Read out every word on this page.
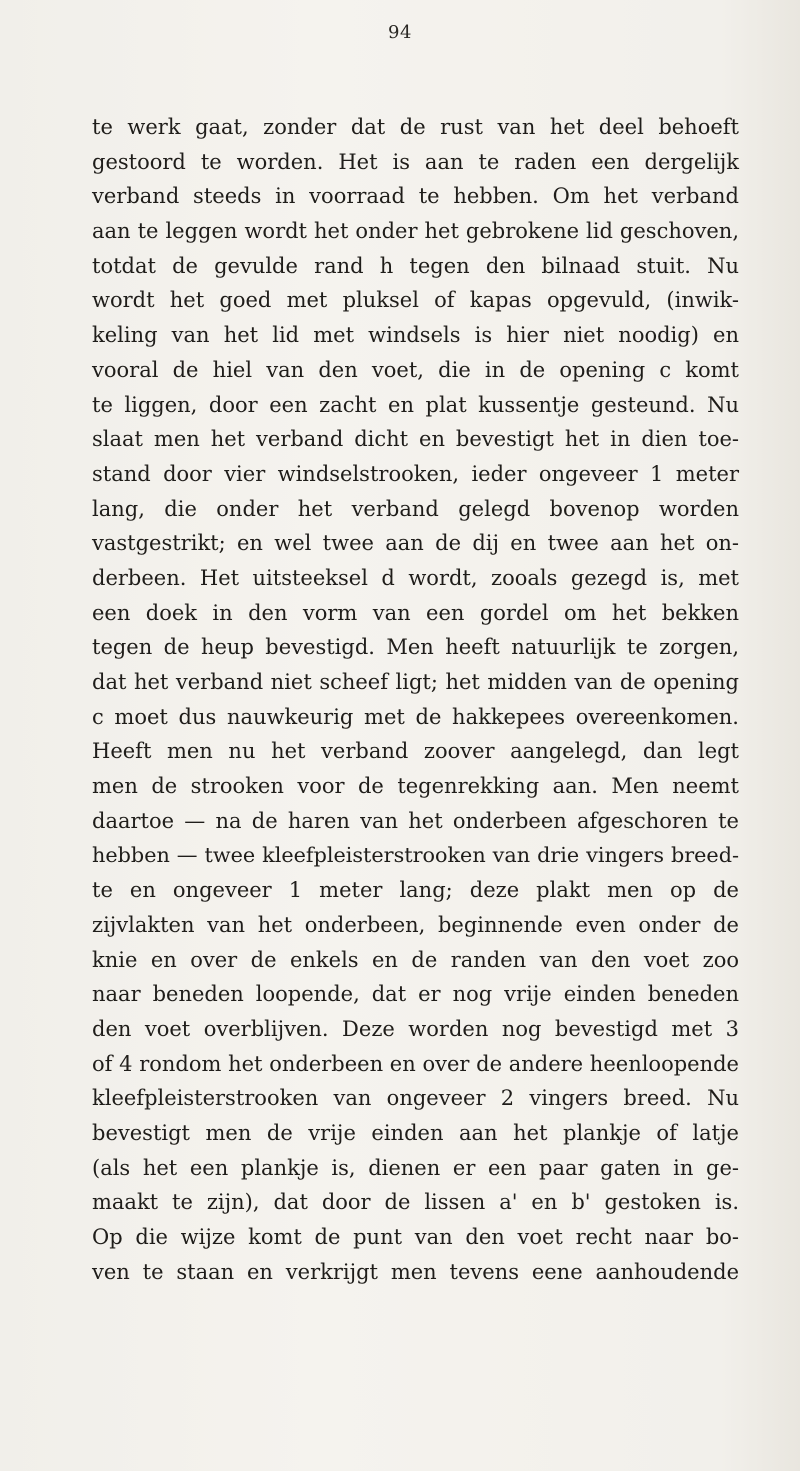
94
te werk gaat, zonder dat de rust van het deel behoeft
gestoord te worden. Het is aan te raden een dergelijk
verband steeds in voorraad te hebben. Om het verband
aan te leggen wordt het onder het gebrokene lid geschoven,
totdat de gevulde rand h tegen den bilnaad stuit. Nu
wordt het goed met pluksel of kapas opgevuld, (inwik-
keling van het lid met windsels is hier niet noodig) en
vooral de hiel van den voet, die in de opening c komt
te liggen, door een zacht en plat kussentje gesteund. Nu
slaat men het verband dicht en bevestigt het in dien toe-
stand door vier windselstrooken, ieder ongeveer 1 meter
lang, die onder het verband gelegd bovenop worden
vastgestrikt; en wel twee aan de dij en twee aan het on-
derbeen. Het uitsteeksel d wordt, zooals gezegd is, met
een doek in den vorm van een gordel om het bekken
tegen de heup bevestigd. Men heeft natuurlijk te zorgen,
dat het verband niet scheef ligt; het midden van de opening
c moet dus nauwkeurig met de hakkepees overeenkomen.
Heeft men nu het verband zoover aangelegd, dan legt
men de strooken voor de tegenrekking aan. Men neemt
daartoe — na de haren van het onderbeen afgeschoren te
hebben — twee kleefpleisterstrooken van drie vingers breed-
te en ongeveer 1 meter lang; deze plakt men op de
zijvlakten van het onderbeen, beginnende even onder de
knie en over de enkels en de randen van den voet zoo
naar beneden loopende, dat er nog vrije einden beneden
den voet overblijven. Deze worden nog bevestigd met 3
of 4 rondom het onderbeen en over de andere heenloopende
kleefpleisterstrooken van ongeveer 2 vingers breed. Nu
bevestigt men de vrije einden aan het plankje of latje
(als het een plankje is, dienen er een paar gaten in ge-
maakt te zijn), dat door de lissen a' en b' gestoken is.
Op die wijze komt de punt van den voet recht naar bo-
ven te staan en verkrijgt men tevens eene aanhoudende
